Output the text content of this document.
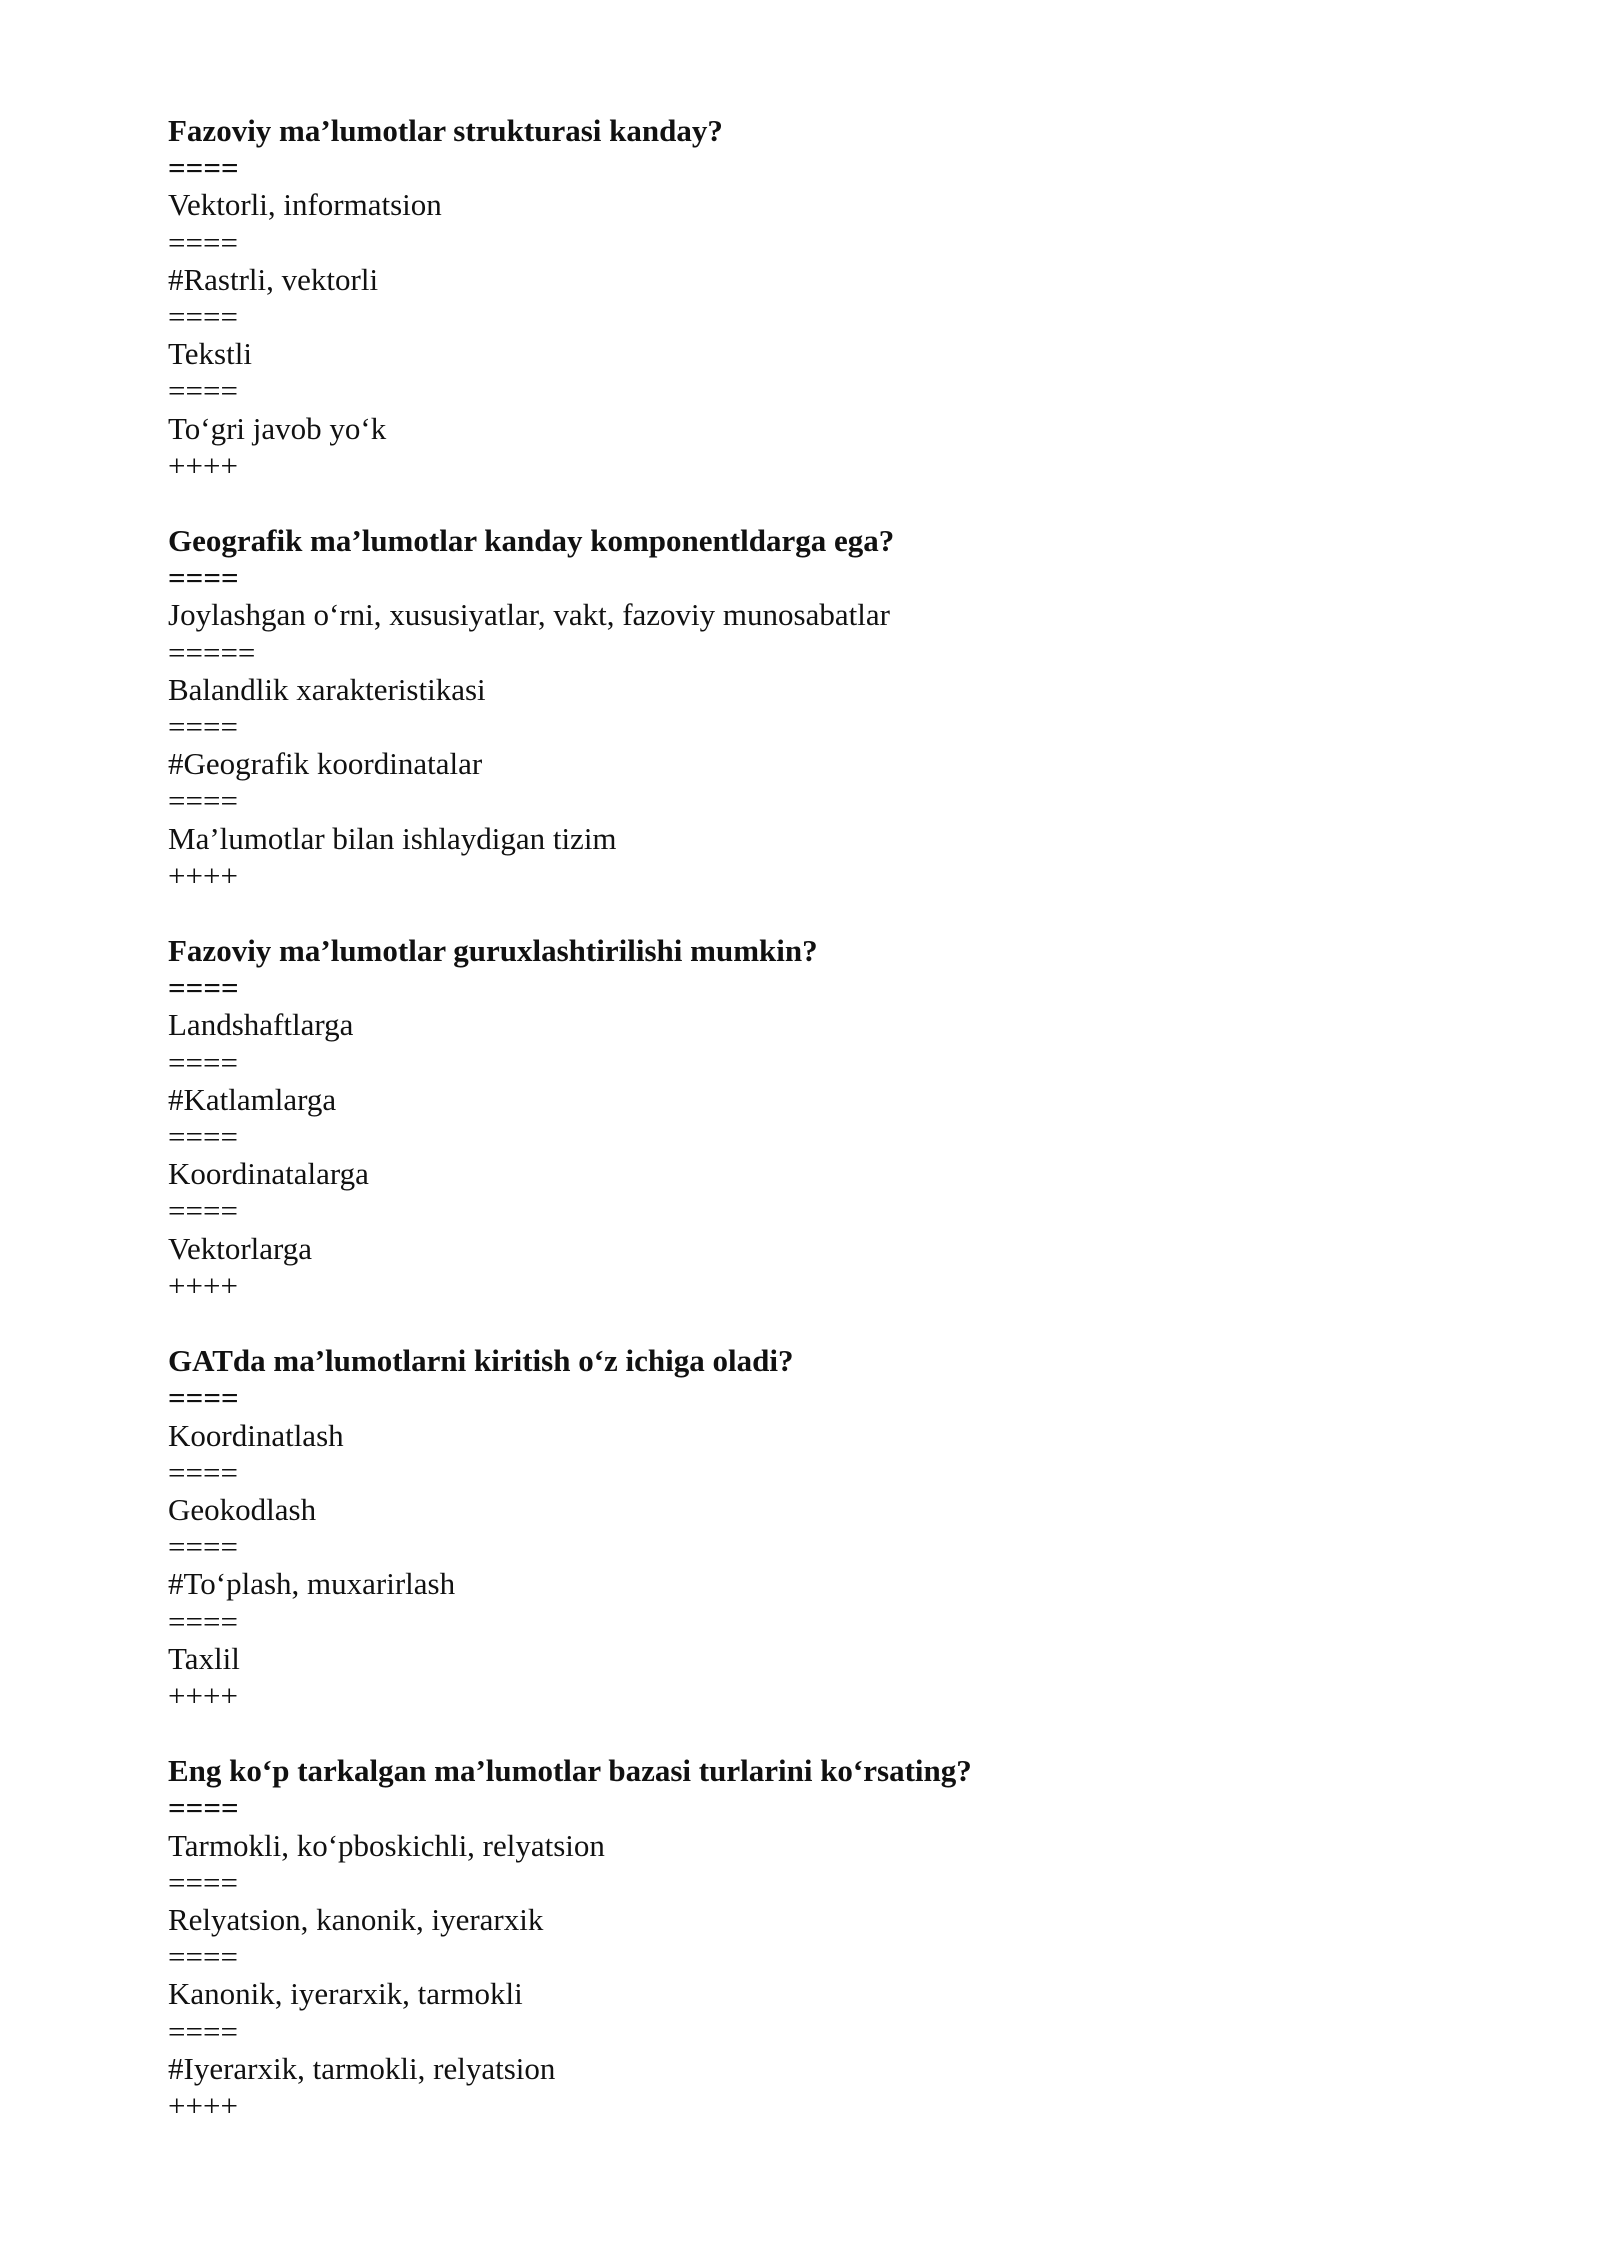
Fazoviy ma’lumotlar strukturasi kanday?
====
Vektorli, informatsion
====
#Rastrli, vektorli
====
Tekstli
====
To‘gri javob yo‘k
++++
Geografik ma’lumotlar kanday komponentldarga ega?
====
Joylashgan o‘rni, xususiyatlar, vakt, fazoviy munosabatlar
=====
Balandlik xarakteristikasi
====
#Geografik koordinatalar
====
Ma’lumotlar bilan ishlaydigan tizim
++++
Fazoviy ma’lumotlar guruxlashtirilishi mumkin?
====
Landshaftlarga
====
#Katlamlarga
====
Koordinatalarga
====
Vektorlarga
++++
GATda ma’lumotlarni kiritish o‘z ichiga oladi?
====
Koordinatlash
====
Geokodlash
====
#To‘plash, muxarirlash
====
Taxlil
++++
Eng ko‘p tarkalgan ma’lumotlar bazasi turlarini ko‘rsating?
====
Tarmokli, ko‘pboskichli, relyatsion
====
Relyatsion, kanonik, iyerarxik
====
Kanonik, iyerarxik, tarmokli
====
#Iyerarxik, tarmokli, relyatsion
++++
